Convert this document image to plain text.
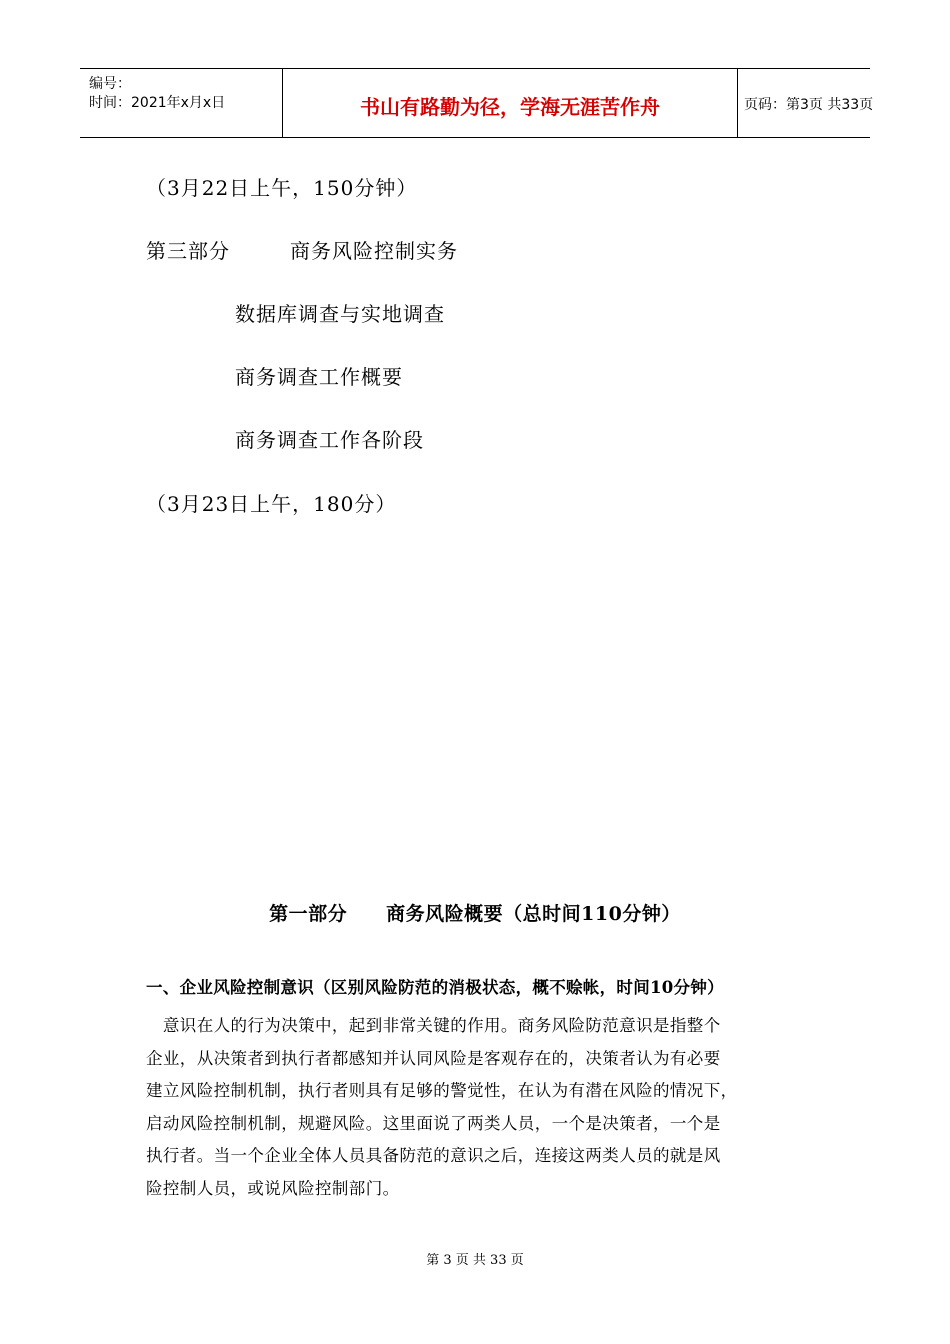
编号：
时间：2021年x月x日	书山有路勤为径，学海无涯苦作舟	页码：第3页 共33页
（3月22日上午，150分钟）
第三部分	商务风险控制实务
数据库调查与实地调查
商务调查工作概要
商务调查工作各阶段
（3月23日上午，180分）
第一部分　　商务风险概要（总时间110分钟）
一、企业风险控制意识（区别风险防范的消极状态，概不赊帐，时间10分钟）
　意识在人的行为决策中，起到非常关键的作用。商务风险防范意识是指整个
企业，从决策者到执行者都感知并认同风险是客观存在的，决策者认为有必要
建立风险控制机制，执行者则具有足够的警觉性，在认为有潜在风险的情况下，
启动风险控制机制，规避风险。这里面说了两类人员，一个是决策者，一个是
执行者。当一个企业全体人员具备防范的意识之后，连接这两类人员的就是风
险控制人员，或说风险控制部门。
第 3 页 共 33 页
